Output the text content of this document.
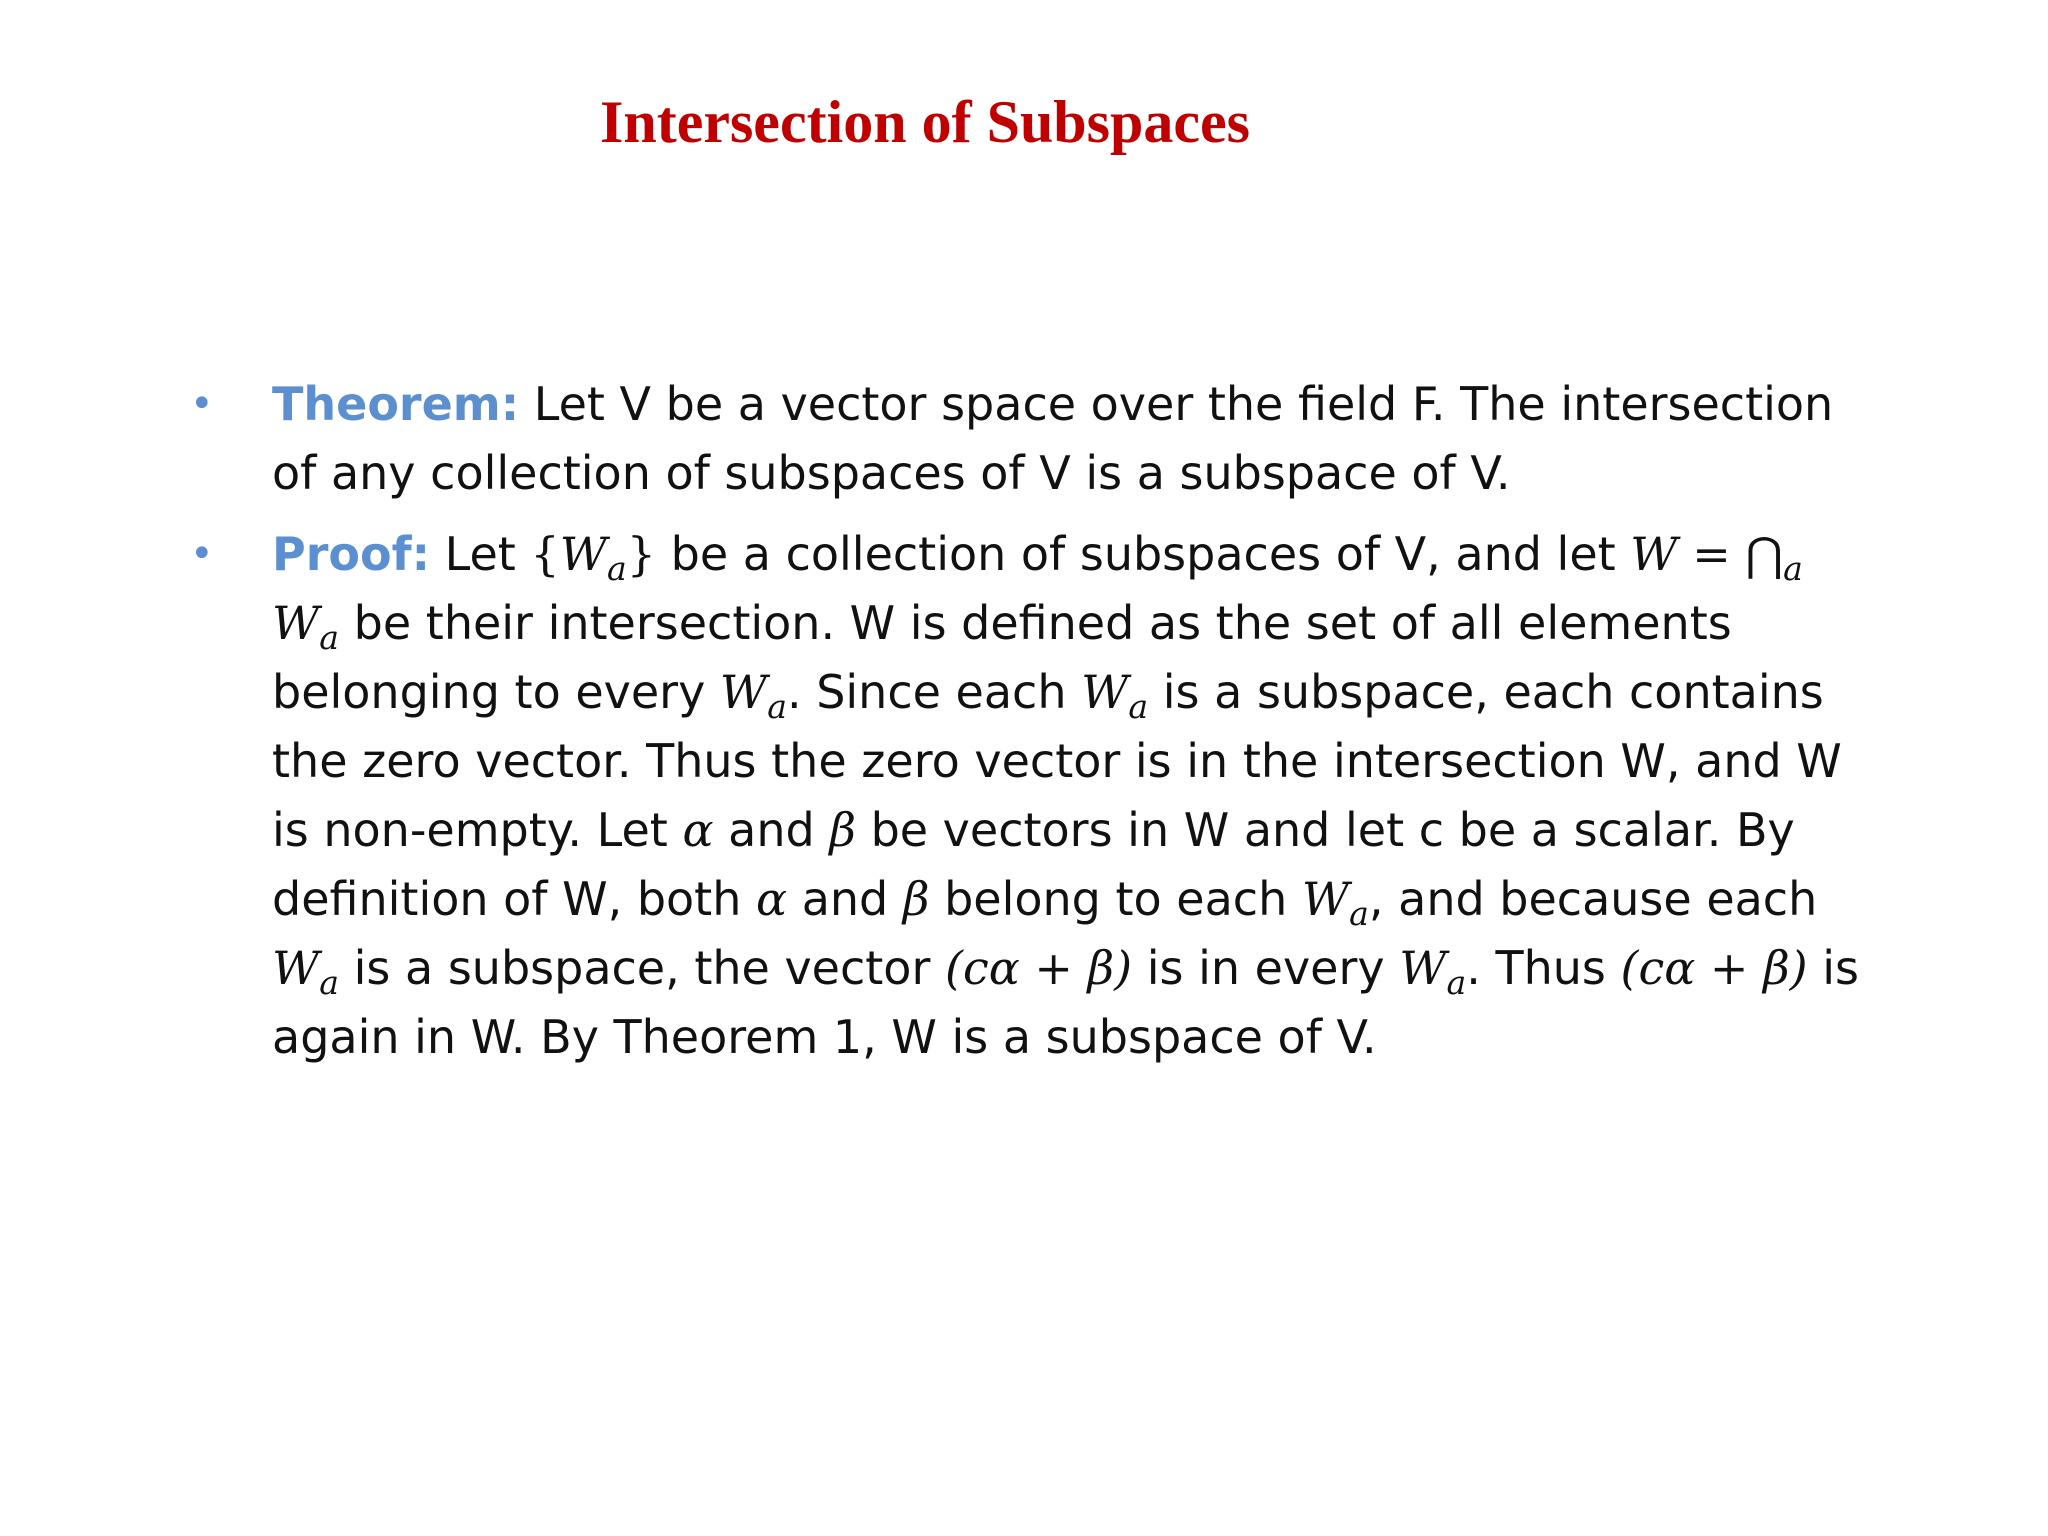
Intersection of Subspaces
• Theorem: Let V be a vector space over the field F. The intersection of any collection of subspaces of V is a subspace of V.
• Proof: Let $\{W_a\}$ be a collection of subspaces of V, and let $W = ⋂_a$ $W_a$ be their intersection. W is defined as the set of all elements belonging to every $W_a$. Since each $W_a$ is a subspace, each contains the zero vector. Thus the zero vector is in the intersection W, and W is non-empty. Let α and β be vectors in W and let c be a scalar. By definition of W, both α and β belong to each $W_a$, and because each $W_a$ is a subspace, the vector (cα + β) is in every $W_a$. Thus (cα + β) is again in W. By Theorem 1, W is a subspace of V.
